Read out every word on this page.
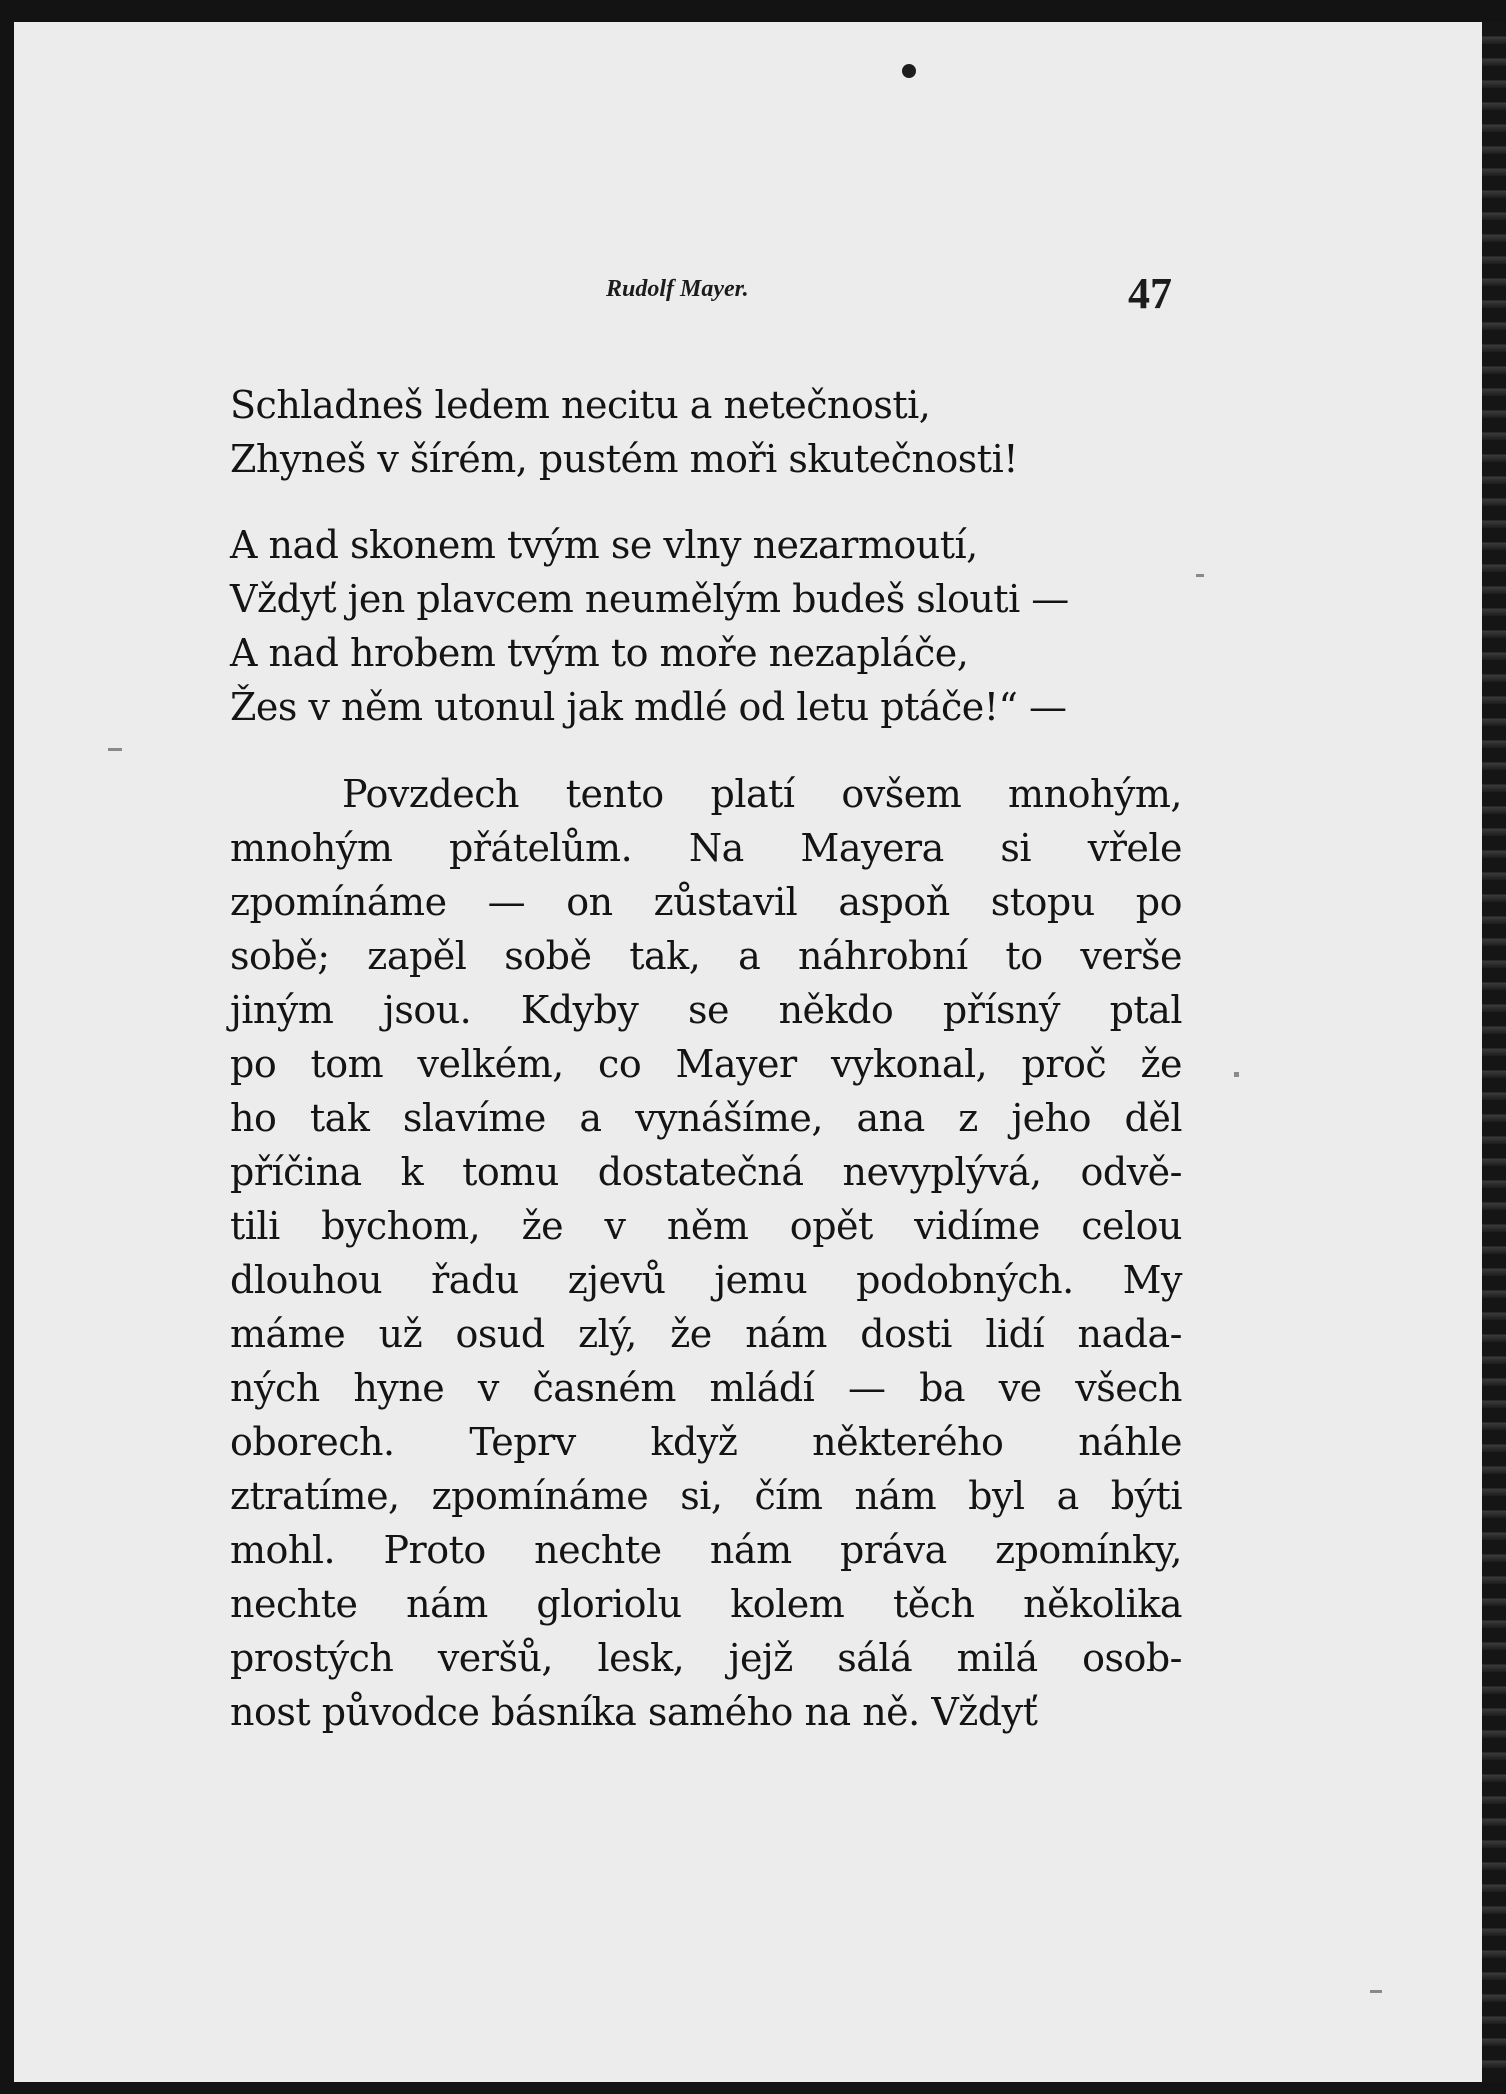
Rudolf Mayer.	47
Schladneš ledem necitu a netečnosti,
Zhyneš v šírém, pustém moři skutečnosti!
A nad skonem tvým se vlny nezarmoutí,
Vždyť jen plavcem neumělým budeš slouti —
A nad hrobem tvým to moře nezapláče,
Žes v něm utonul jak mdlé od letu ptáče!“ —
Povzdech tento platí ovšem mnohým,
mnohým přátelům. Na Mayera si vřele
zpomínáme — on zůstavil aspoň stopu po
sobě; zapěl sobě tak, a náhrobní to verše
jiným jsou. Kdyby se někdo přísný ptal
po tom velkém, co Mayer vykonal, proč že
ho tak slavíme a vynášíme, ana z jeho děl
příčina k tomu dostatečná nevyplývá, odvě-
tili bychom, že v něm opět vidíme celou
dlouhou řadu zjevů jemu podobných. My
máme už osud zlý, že nám dosti lidí nada-
ných hyne v časném mládí — ba ve všech
oborech. Teprv když některého náhle
ztratíme, zpomínáme si, čím nám byl a býti
mohl. Proto nechte nám práva zpomínky,
nechte nám gloriolu kolem těch několika
prostých veršů, lesk, jejž sálá milá osob-
nost původce básníka samého na ně. Vždyť
